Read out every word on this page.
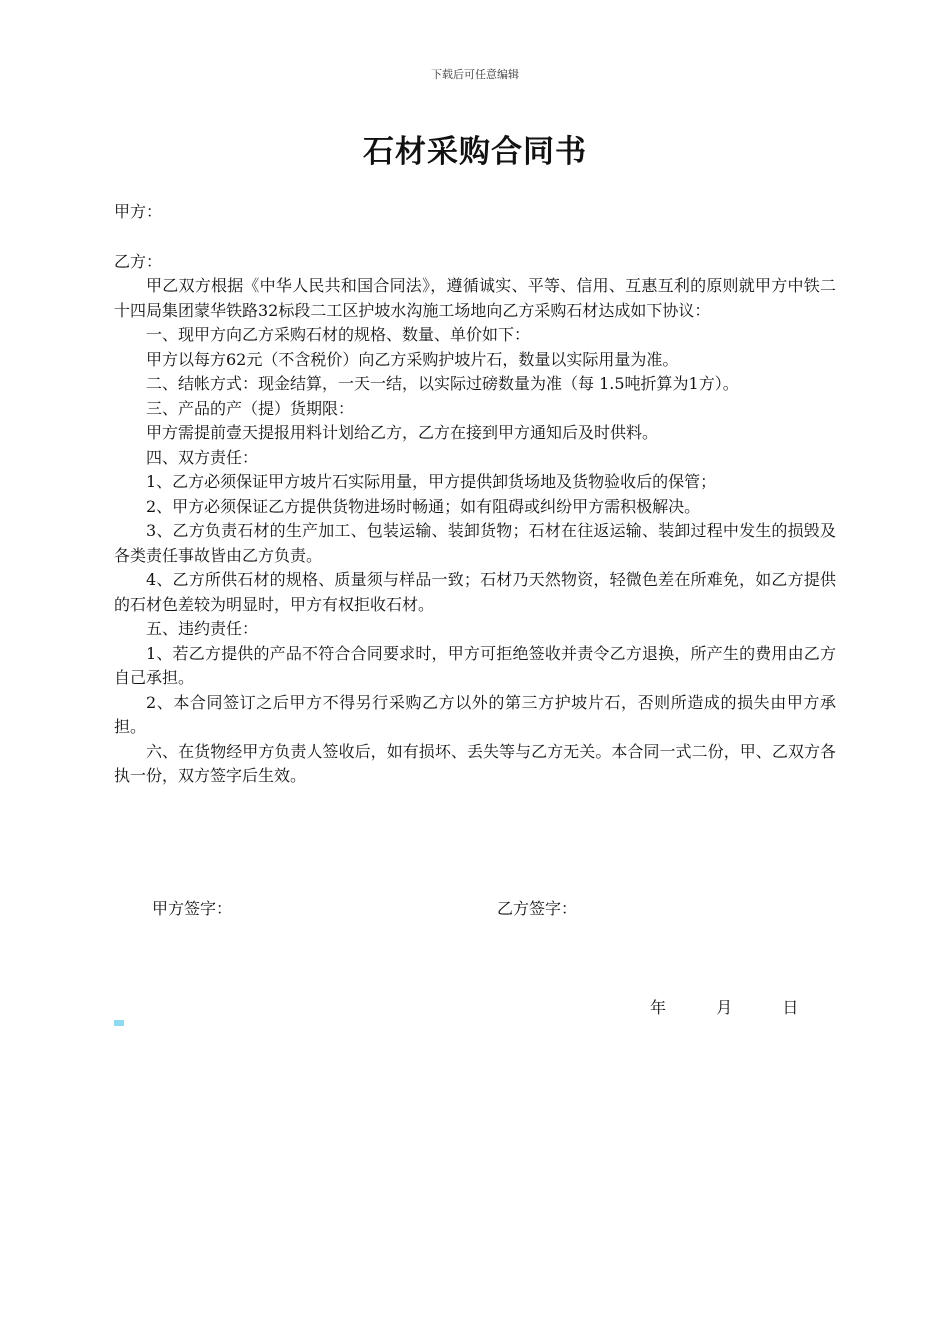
下载后可任意编辑
石材采购合同书
甲方：
乙方：

甲乙双方根据《中华人民共和国合同法》，遵循诚实、平等、信用、互惠互利的原则就甲方中铁二十四局集团蒙华铁路32标段二工区护坡水沟施工场地向乙方采购石材达成如下协议：

一、现甲方向乙方采购石材的规格、数量、单价如下：

甲方以每方62元（不含税价）向乙方采购护坡片石，数量以实际用量为准。

二、结帐方式：现金结算，一天一结，以实际过磅数量为准（每 1.5吨折算为1方）。

三、产品的产（提）货期限：

甲方需提前壹天提报用料计划给乙方，乙方在接到甲方通知后及时供料。

四、双方责任：

1、乙方必须保证甲方坡片石实际用量，甲方提供卸货场地及货物验收后的保管；

2、甲方必须保证乙方提供货物进场时畅通；如有阻碍或纠纷甲方需积极解决。

3、乙方负责石材的生产加工、包装运输、装卸货物；石材在往返运输、装卸过程中发生的损毁及各类责任事故皆由乙方负责。

4、乙方所供石材的规格、质量须与样品一致；石材乃天然物资，轻微色差在所难免，如乙方提供的石材色差较为明显时，甲方有权拒收石材。

五、违约责任：

1、若乙方提供的产品不符合合同要求时，甲方可拒绝签收并责令乙方退换，所产生的费用由乙方自己承担。

2、本合同签订之后甲方不得另行采购乙方以外的第三方护坡片石，否则所造成的损失由甲方承担。

六、在货物经甲方负责人签收后，如有损坏、丢失等与乙方无关。本合同一式二份，甲、乙双方各执一份，双方签字后生效。

甲方签字：	乙方签字：
年	月	日
